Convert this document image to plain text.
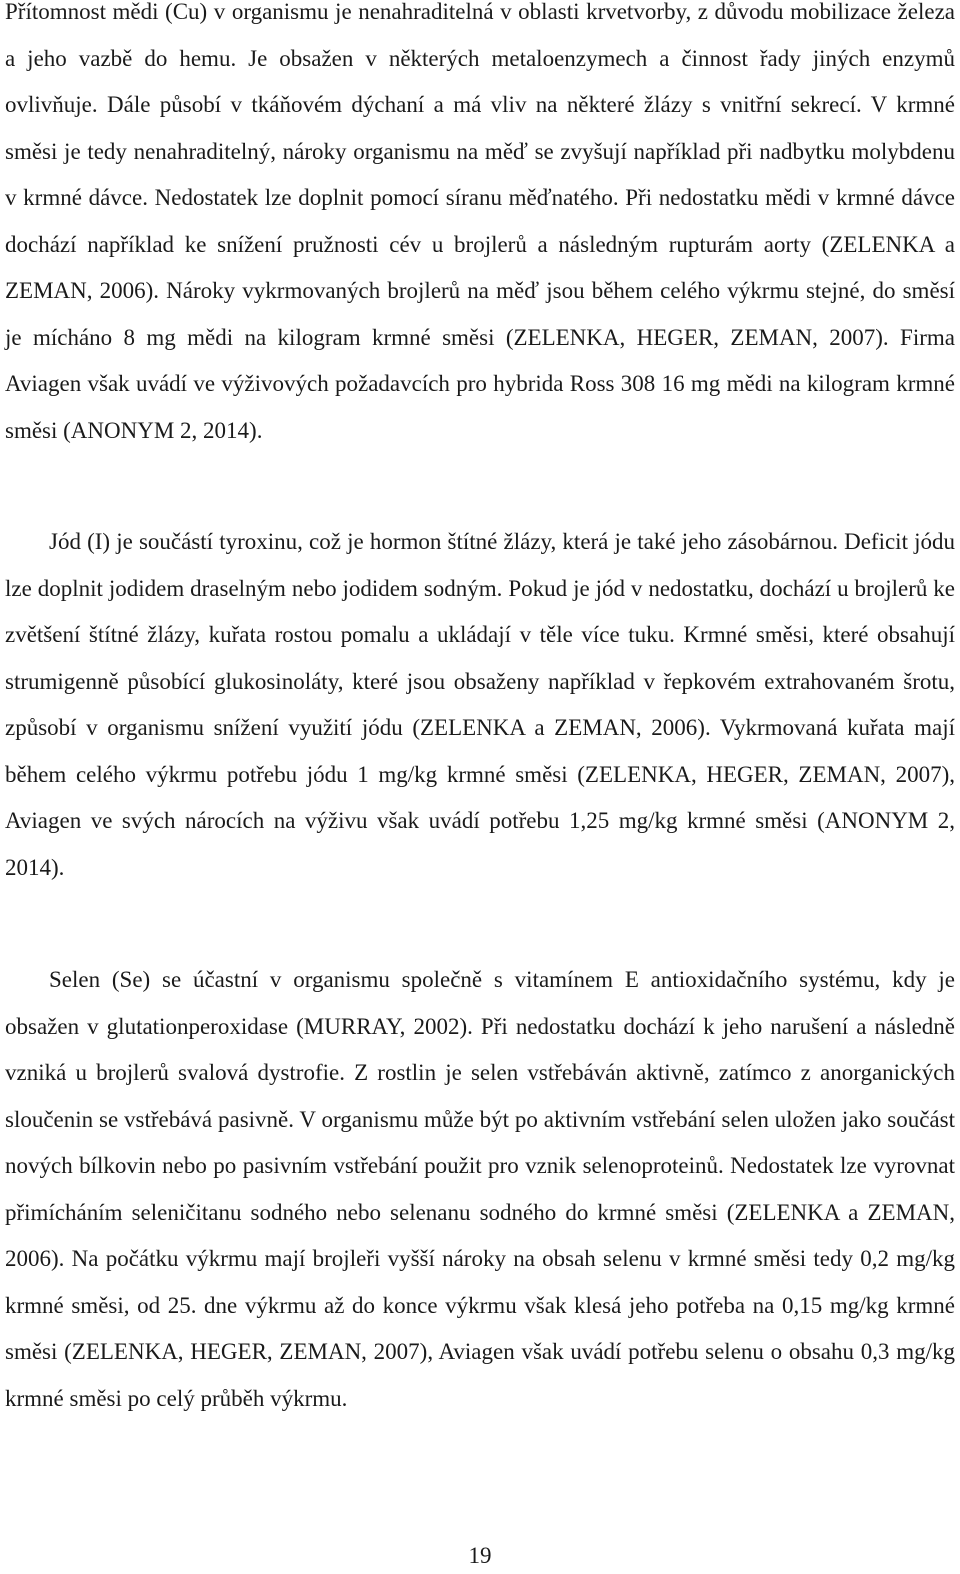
Přítomnost mědi (Cu) v organismu je nenahraditelná v oblasti krvetvorby, z důvodu mobilizace železa a jeho vazbě do hemu. Je obsažen v některých metaloenzymech a činnost řady jiných enzymů ovlivňuje. Dále působí v tkáňovém dýchaní a má vliv na některé žlázy s vnitřní sekrecí. V krmné směsi je tedy nenahraditelný, nároky organismu na měď se zvyšují například při nadbytku molybdenu v krmné dávce. Nedostatek lze doplnit pomocí síranu měďnatého. Při nedostatku mědi v krmné dávce dochází například ke snížení pružnosti cév u brojlerů a následným rupturám aorty (ZELENKA a ZEMAN, 2006). Nároky vykrmovaných brojlerů na měď jsou během celého výkrmu stejné, do směsí je mícháno 8 mg mědi na kilogram krmné směsi (ZELENKA, HEGER, ZEMAN, 2007). Firma Aviagen však uvádí ve výživových požadavcích pro hybrida Ross 308 16 mg mědi na kilogram krmné směsi (ANONYM 2, 2014).

Jód (I) je součástí tyroxinu, což je hormon štítné žlázy, která je také jeho zásobárnou. Deficit jódu lze doplnit jodidem draselným nebo jodidem sodným. Pokud je jód v nedostatku, dochází u brojlerů ke zvětšení štítné žlázy, kuřata rostou pomalu a ukládají v těle více tuku. Krmné směsi, které obsahují strumigenně působící glukosinoláty, které jsou obsaženy například v řepkovém extrahovaném šrotu, způsobí v organismu snížení využití jódu (ZELENKA a ZEMAN, 2006). Vykrmovaná kuřata mají během celého výkrmu potřebu jódu 1 mg/kg krmné směsi (ZELENKA, HEGER, ZEMAN, 2007), Aviagen ve svých nárocích na výživu však uvádí potřebu 1,25 mg/kg krmné směsi (ANONYM 2, 2014).

Selen (Se) se účastní v organismu společně s vitamínem E antioxidačního systému, kdy je obsažen v glutationperoxidase (MURRAY, 2002). Při nedostatku dochází k jeho narušení a následně vzniká u brojlerů svalová dystrofie. Z rostlin je selen vstřebáván aktivně, zatímco z anorganických sloučenin se vstřebává pasivně. V organismu může být po aktivním vstřebání selen uložen jako součást nových bílkovin nebo po pasivním vstřebání použit pro vznik selenoproteinů. Nedostatek lze vyrovnat přimícháním seleničitanu sodného nebo selenanu sodného do krmné směsi (ZELENKA a ZEMAN, 2006). Na počátku výkrmu mají brojleři vyšší nároky na obsah selenu v krmné směsi tedy 0,2 mg/kg krmné směsi, od 25. dne výkrmu až do konce výkrmu však klesá jeho potřeba na 0,15 mg/kg krmné směsi (ZELENKA, HEGER, ZEMAN, 2007), Aviagen však uvádí potřebu selenu o obsahu 0,3 mg/kg krmné směsi po celý průběh výkrmu.

19
